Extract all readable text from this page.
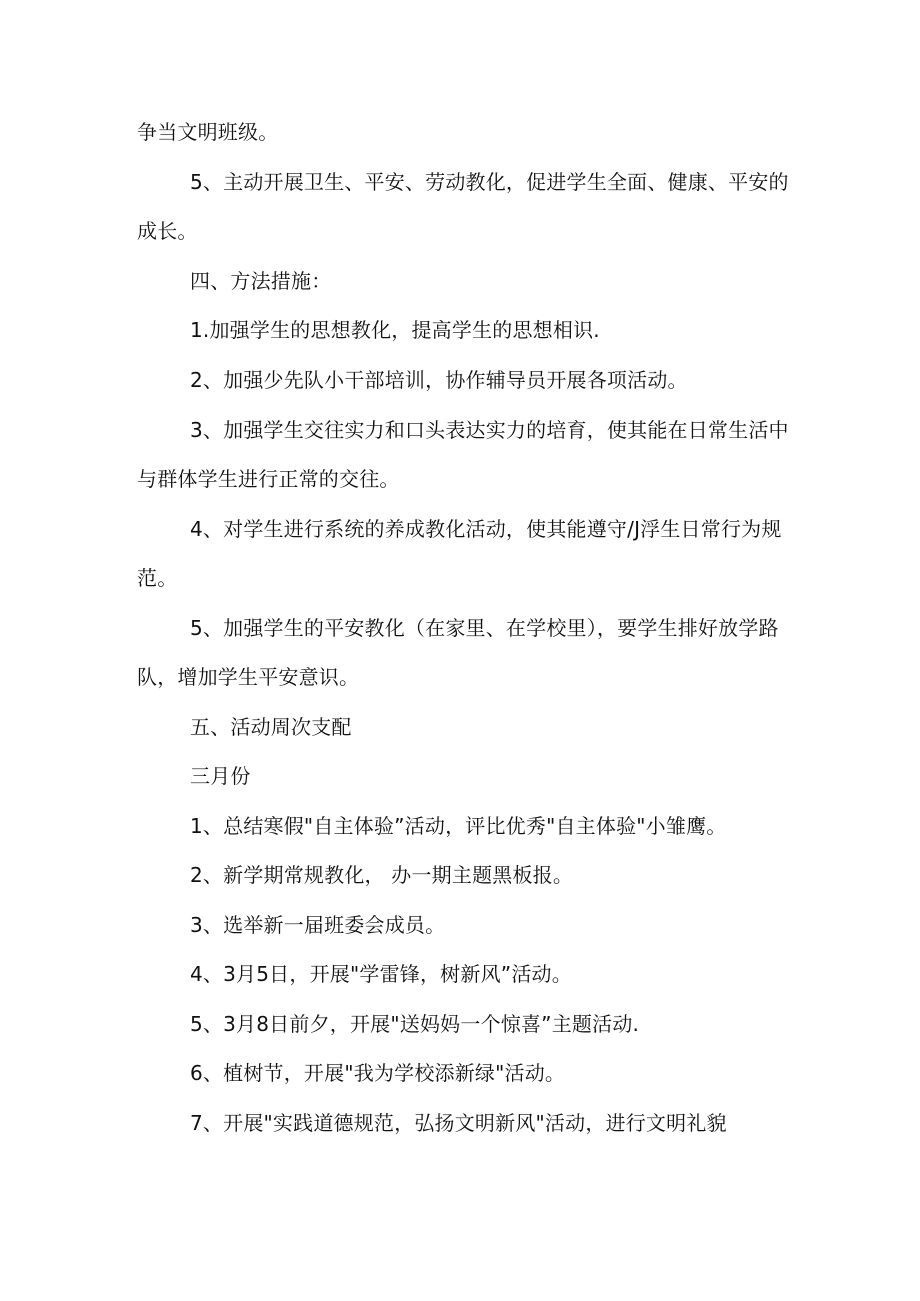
争当文明班级。
5、主动开展卫生、平安、劳动教化，促进学生全面、健康、平安的
成长。
四、方法措施：
1.加强学生的思想教化，提高学生的思想相识.
2、加强少先队小干部培训，协作辅导员开展各项活动。
3、加强学生交往实力和口头表达实力的培育，使其能在日常生活中
与群体学生进行正常的交往。
4、对学生进行系统的养成教化活动，使其能遵守/J浮生日常行为规
范。
5、加强学生的平安教化（在家里、在学校里），要学生排好放学路
队，增加学生平安意识。
五、活动周次支配
三月份
1、总结寒假"自主体验”活动，评比优秀"自主体验"小雏鹰。
2、新学期常规教化， 办一期主题黑板报。
3、选举新一届班委会成员。
4、3月5日，开展"学雷锋，树新风”活动。
5、3月8日前夕，开展"送妈妈一个惊喜”主题活动.
6、植树节，开展"我为学校添新绿"活动。
7、开展"实践道德规范，弘扬文明新风"活动，进行文明礼貌
